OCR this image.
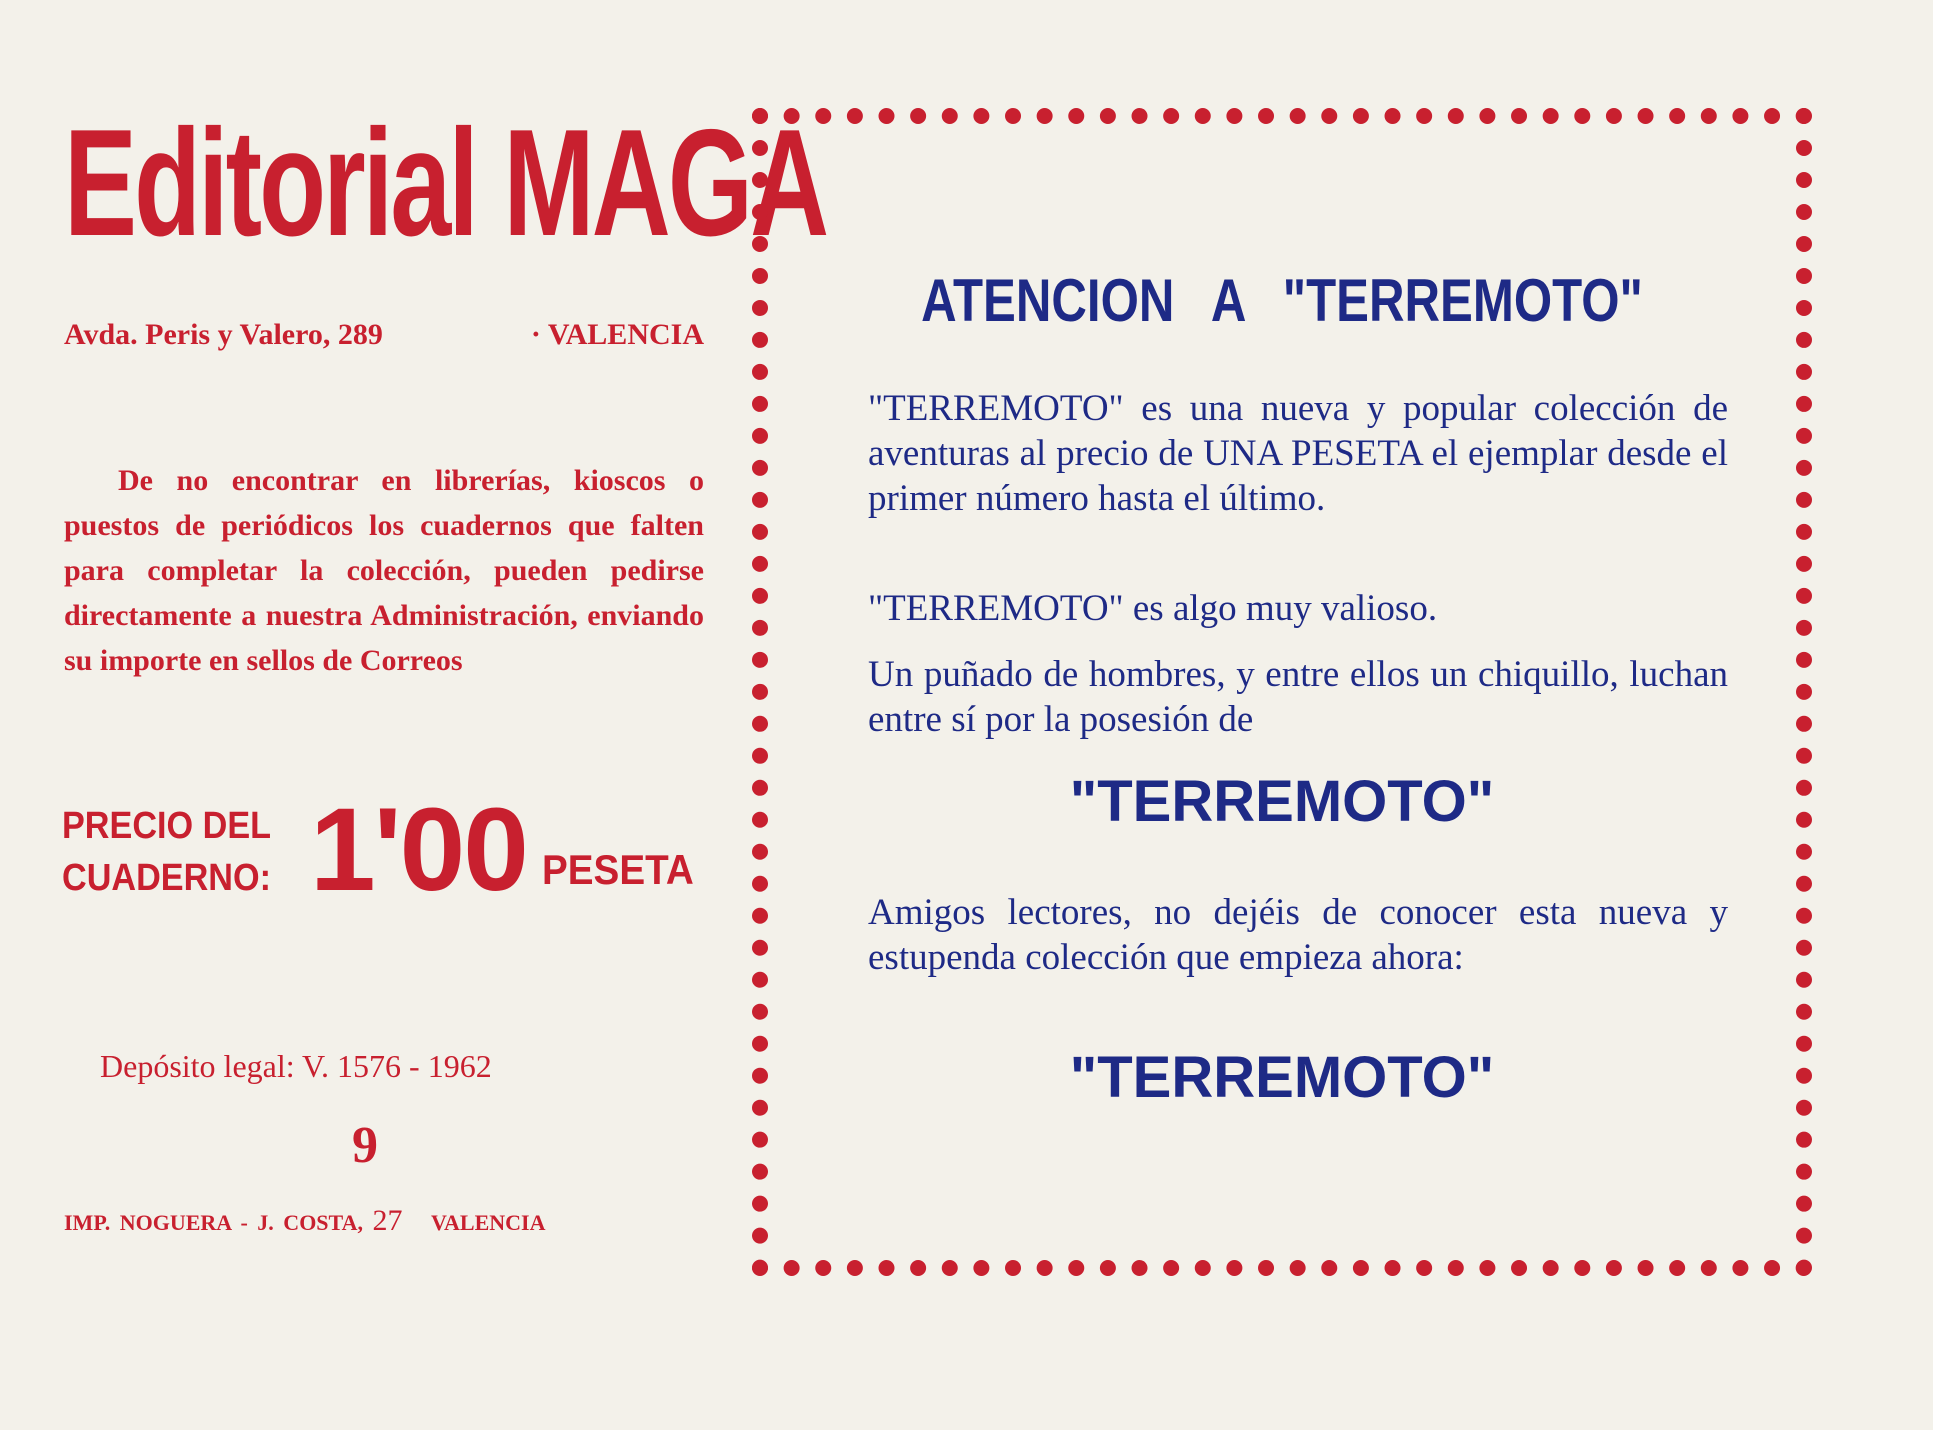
Editorial MAGA
Avda. Peris y Valero, 289	· VALENCIA
De no encontrar en librerías, kioscos o puestos de periódicos los cuadernos que falten para completar la colección, pueden pedirse directamente a nuestra Administración, enviando su importe en sellos de Correos
PRECIO DEL
CUADERNO: 1'00 PESETA
Depósito legal: V. 1576 - 1962
9
IMP. NOGUERA - J. COSTA, 27 VALENCIA
ATENCION A "TERREMOTO"
"TERREMOTO" es una nueva y popular colección de aventuras al precio de UNA PESETA el ejemplar desde el primer número hasta el último.
"TERREMOTO" es algo muy valioso.
Un puñado de hombres, y entre ellos un chiquillo, luchan entre sí por la posesión de
"TERREMOTO"
Amigos lectores, no dejéis de conocer esta nueva y estupenda colección que empieza ahora:
"TERREMOTO"
